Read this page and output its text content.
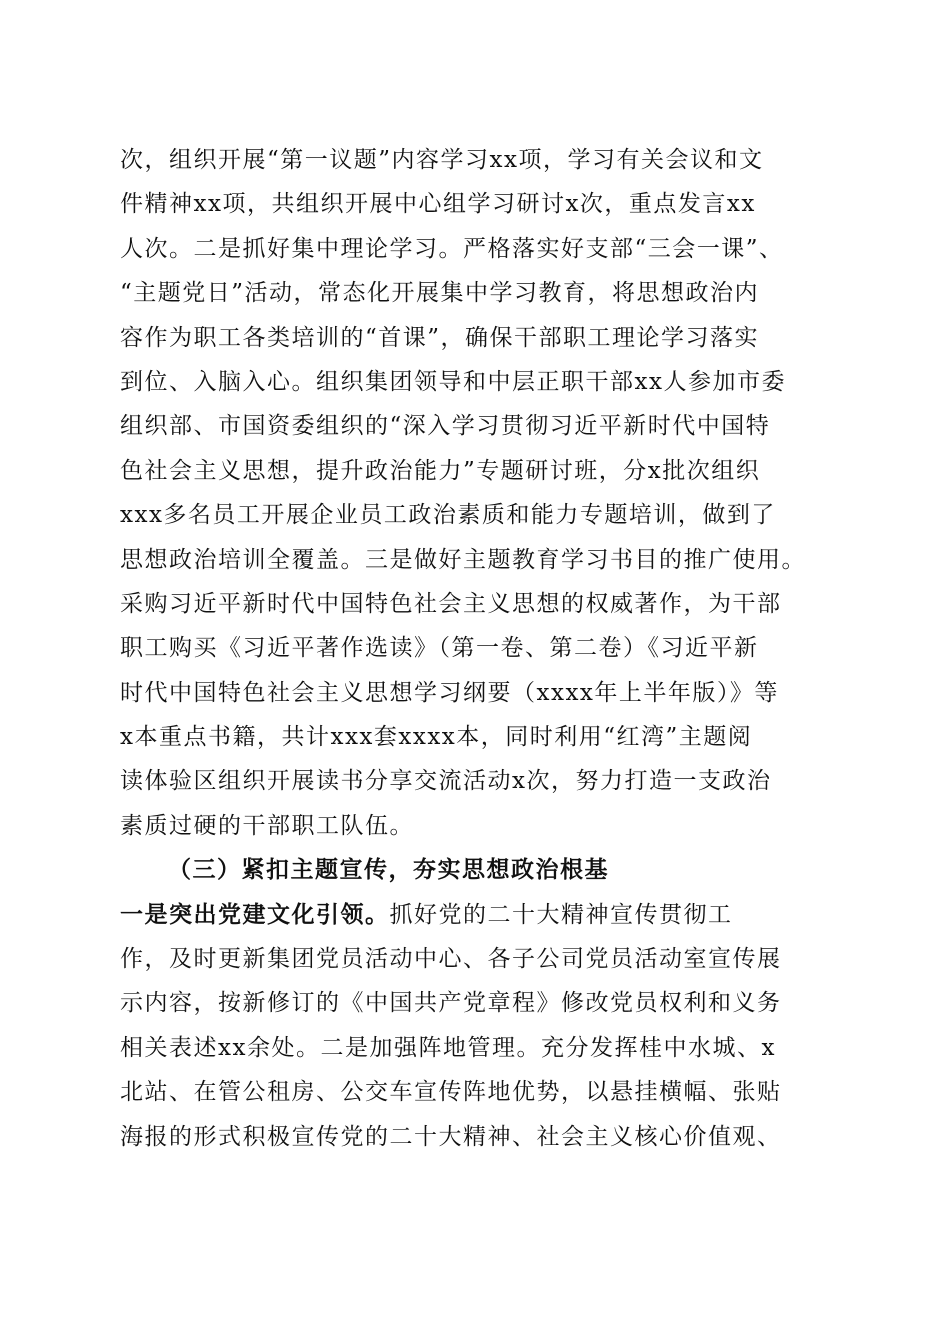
次，组织开展“第一议题”内容学习xx项，学习有关会议和文
件精神xx项，共组织开展中心组学习研讨x次，重点发言xx
人次。二是抓好集中理论学习。严格落实好支部“三会一课”、
“主题党日”活动，常态化开展集中学习教育，将思想政治内
容作为职工各类培训的“首课”，确保干部职工理论学习落实
到位、入脑入心。组织集团领导和中层正职干部xx人参加市委
组织部、市国资委组织的“深入学习贯彻习近平新时代中国特
色社会主义思想，提升政治能力”专题研讨班，分x批次组织
xxx多名员工开展企业员工政治素质和能力专题培训，做到了
思想政治培训全覆盖。三是做好主题教育学习书目的推广使用。
采购习近平新时代中国特色社会主义思想的权威著作，为干部
职工购买《习近平著作选读》（第一卷、第二卷）《习近平新
时代中国特色社会主义思想学习纲要（xxxx年上半年版）》等
x本重点书籍，共计xxx套xxxx本，同时利用“红湾”主题阅
读体验区组织开展读书分享交流活动x次，努力打造一支政治
素质过硬的干部职工队伍。
（三）紧扣主题宣传，夯实思想政治根基
一是突出党建文化引领。抓好党的二十大精神宣传贯彻工
作，及时更新集团党员活动中心、各子公司党员活动室宣传展
示内容，按新修订的《中国共产党章程》修改党员权利和义务
相关表述xx余处。二是加强阵地管理。充分发挥桂中水城、x
北站、在管公租房、公交车宣传阵地优势，以悬挂横幅、张贴
海报的形式积极宣传党的二十大精神、社会主义核心价值观、
